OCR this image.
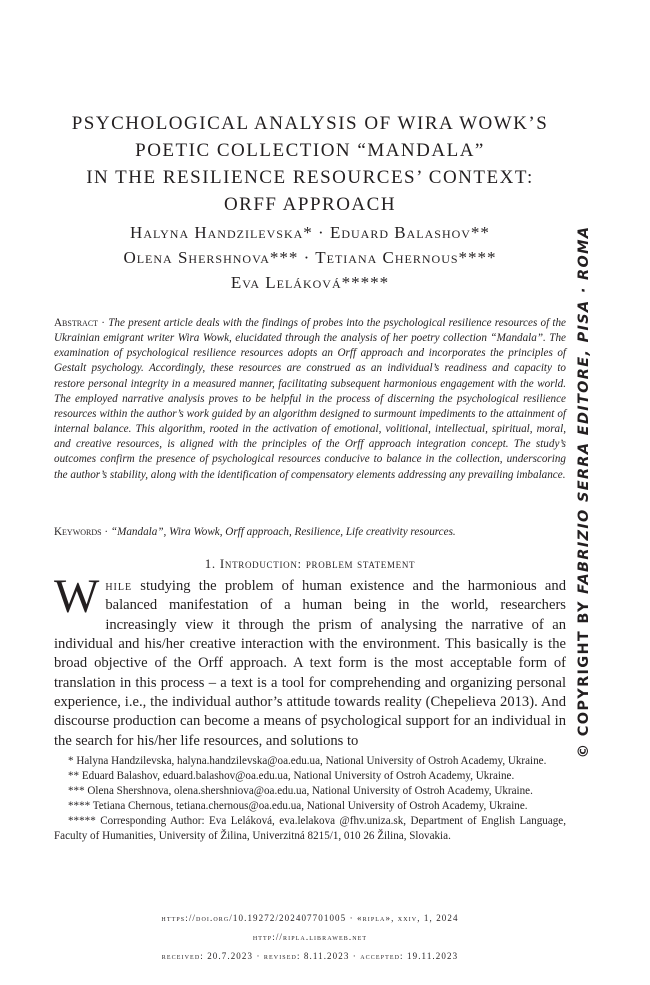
PSYCHOLOGICAL ANALYSIS OF WIRA WOWK’S
POETIC COLLECTION “MANDALA”
IN THE RESILIENCE RESOURCES’ CONTEXT:
ORFF APPROACH
Halyna Handzilevska* · Eduard Balashov**
Olena Shershnova*** · Tetiana Chernous****
Eva Leláková*****
Abstract · The present article deals with the findings of probes into the psychological resilience resources of the Ukrainian emigrant writer Wira Wowk, elucidated through the analysis of her poetry collection “Mandala”. The examination of psychological resilience resources adopts an Orff approach and incorporates the principles of Gestalt psychology. Accordingly, these resources are construed as an individual’s readiness and capacity to restore personal integrity in a measured manner, facilitating subsequent harmonious engagement with the world. The employed narrative analysis proves to be helpful in the process of discerning the psychological resilience resources within the author’s work guided by an algorithm designed to surmount impediments to the attainment of internal balance. This algorithm, rooted in the activation of emotional, volitional, intellectual, spiritual, moral, and creative resources, is aligned with the principles of the Orff approach integration concept. The study’s outcomes confirm the presence of psychological resources conducive to balance in the collection, underscoring the author’s stability, along with the identification of compensatory elements addressing any prevailing imbalance.
Keywords · “Mandala”, Wira Wowk, Orff approach, Resilience, Life creativity resources.
1. Introduction: problem statement
While studying the problem of human existence and the harmonious and balanced manifestation of a human being in the world, researchers increasingly view it through the prism of analysing the narrative of an individual and his/her creative interaction with the environment. This basically is the broad objective of the Orff approach. A text form is the most acceptable form of translation in this process – a text is a tool for comprehending and organizing personal experience, i.e., the individual author’s attitude towards reality (Chepelieva 2013). And discourse production can become a means of psychological support for an individual in the search for his/her life resources, and solutions to
* Halyna Handzilevska, halyna.handzilevska@oa.edu.ua, National University of Ostroh Academy, Ukraine.
** Eduard Balashov, eduard.balashov@oa.edu.ua, National University of Ostroh Academy, Ukraine.
*** Olena Shershnova, olena.shershniova@oa.edu.ua, National University of Ostroh Academy, Ukraine.
**** Tetiana Chernous, tetiana.chernous@oa.edu.ua, National University of Ostroh Academy, Ukraine.
***** Corresponding Author: Eva Leláková, eva.lelakova @fhv.uniza.sk, Department of English Language, Faculty of Humanities, University of Žilina, Univerzitná 8215/1, 010 26 Žilina, Slovakia.
https://doi.org/10.19272/202407701005 · «ripla», xxiv, 1, 2024
http://ripla.libraweb.net
received: 20.7.2023 · revised: 8.11.2023 · accepted: 19.11.2023
© COPYRIGHT BY FABRIZIO SERRA EDITORE, PISA · ROMA
